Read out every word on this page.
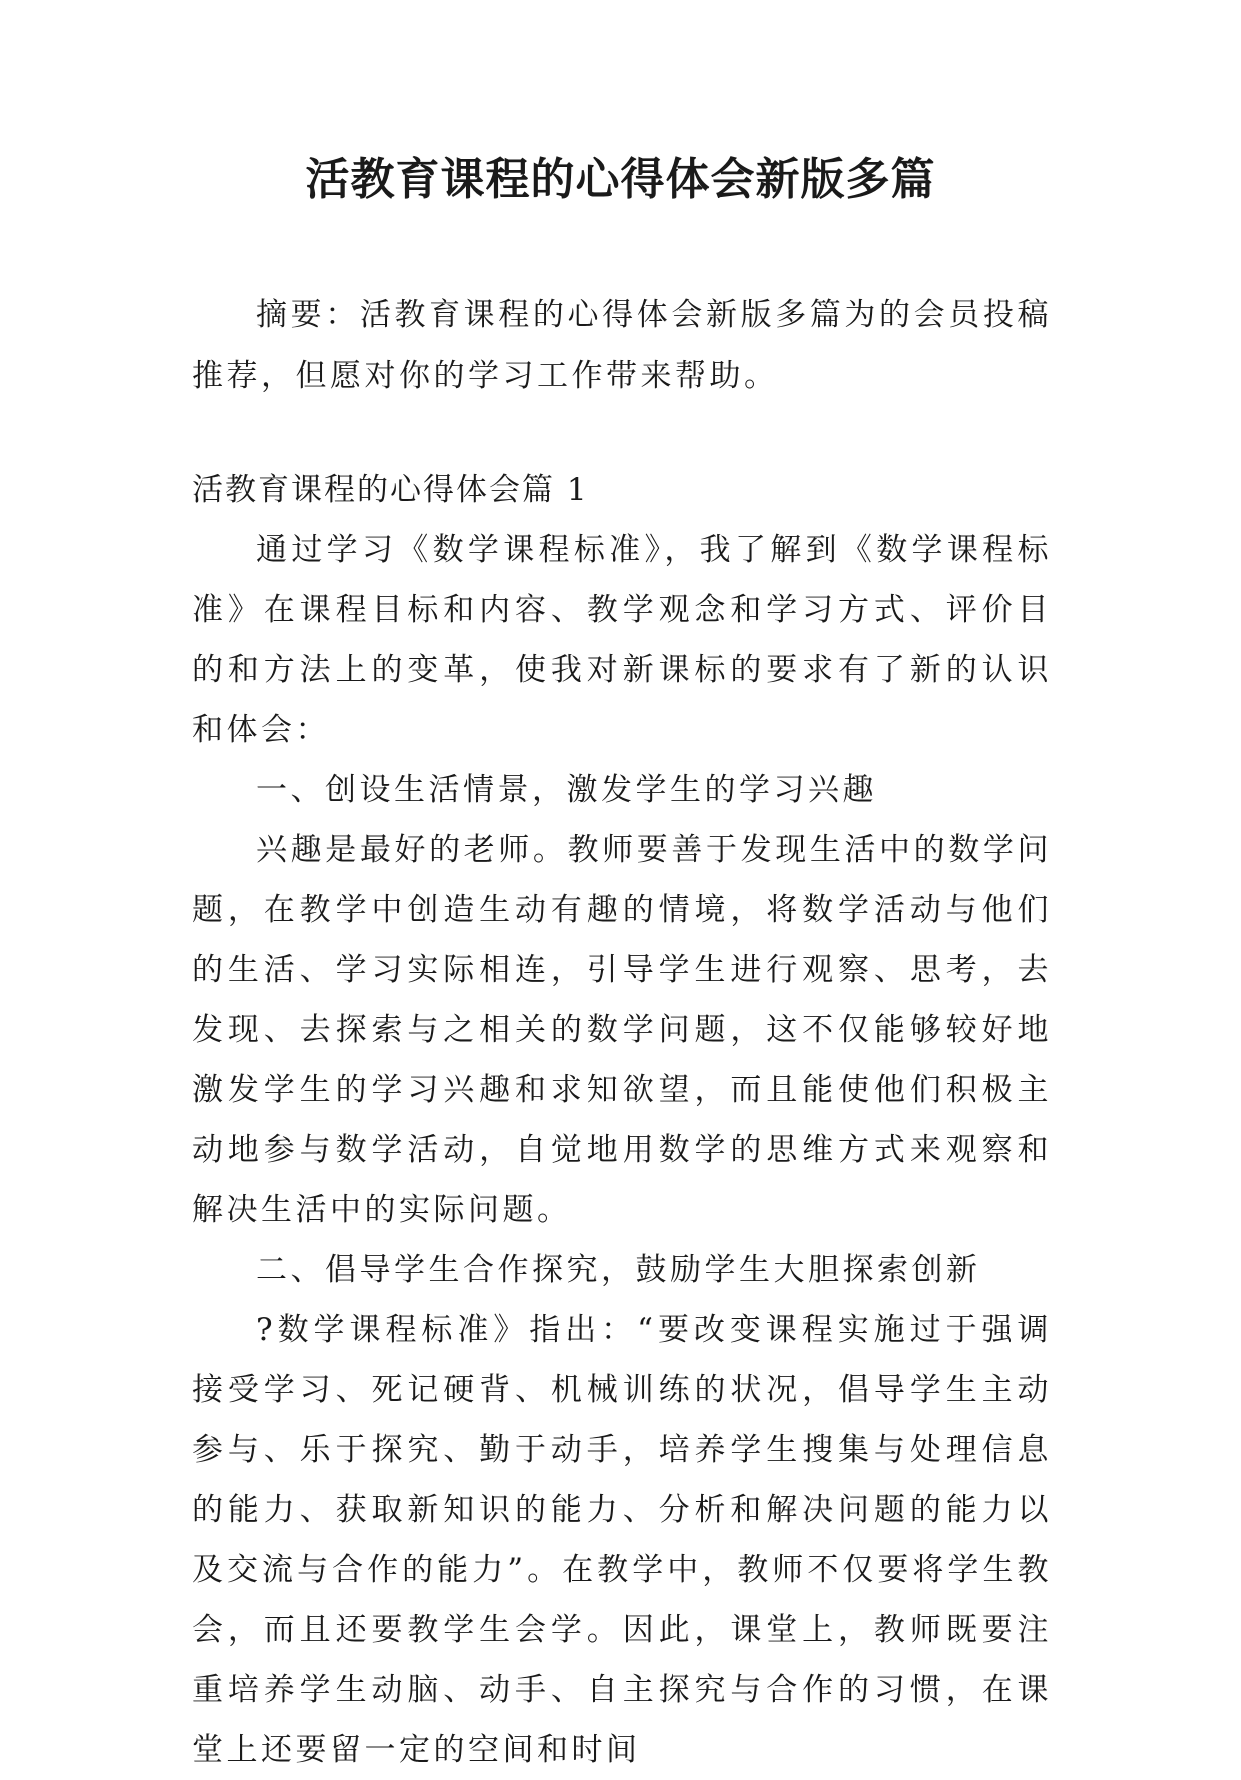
活教育课程的心得体会新版多篇

摘要：活教育课程的心得体会新版多篇为的会员投稿推荐，但愿对你的学习工作带来帮助。

活教育课程的心得体会篇 1

通过学习《数学课程标准》，我了解到《数学课程标准》在课程目标和内容、教学观念和学习方式、评价目的和方法上的变革，使我对新课标的要求有了新的认识和体会：

一、创设生活情景，激发学生的学习兴趣

兴趣是最好的老师。教师要善于发现生活中的数学问题，在教学中创造生动有趣的情境，将数学活动与他们的生活、学习实际相连，引导学生进行观察、思考，去发现、去探索与之相关的数学问题，这不仅能够较好地激发学生的学习兴趣和求知欲望，而且能使他们积极主动地参与数学活动，自觉地用数学的思维方式来观察和解决生活中的实际问题。

二、倡导学生合作探究，鼓励学生大胆探索创新

?数学课程标准》指出：“要改变课程实施过于强调接受学习、死记硬背、机械训练的状况，倡导学生主动参与、乐于探究、勤于动手，培养学生搜集与处理信息的能力、获取新知识的能力、分析和解决问题的能力以及交流与合作的能力”。在教学中，教师不仅要将学生教会，而且还要教学生会学。因此，课堂上，教师既要注重培养学生动脑、动手、自主探究与合作的习惯，在课堂上还要留一定的空间和时间
